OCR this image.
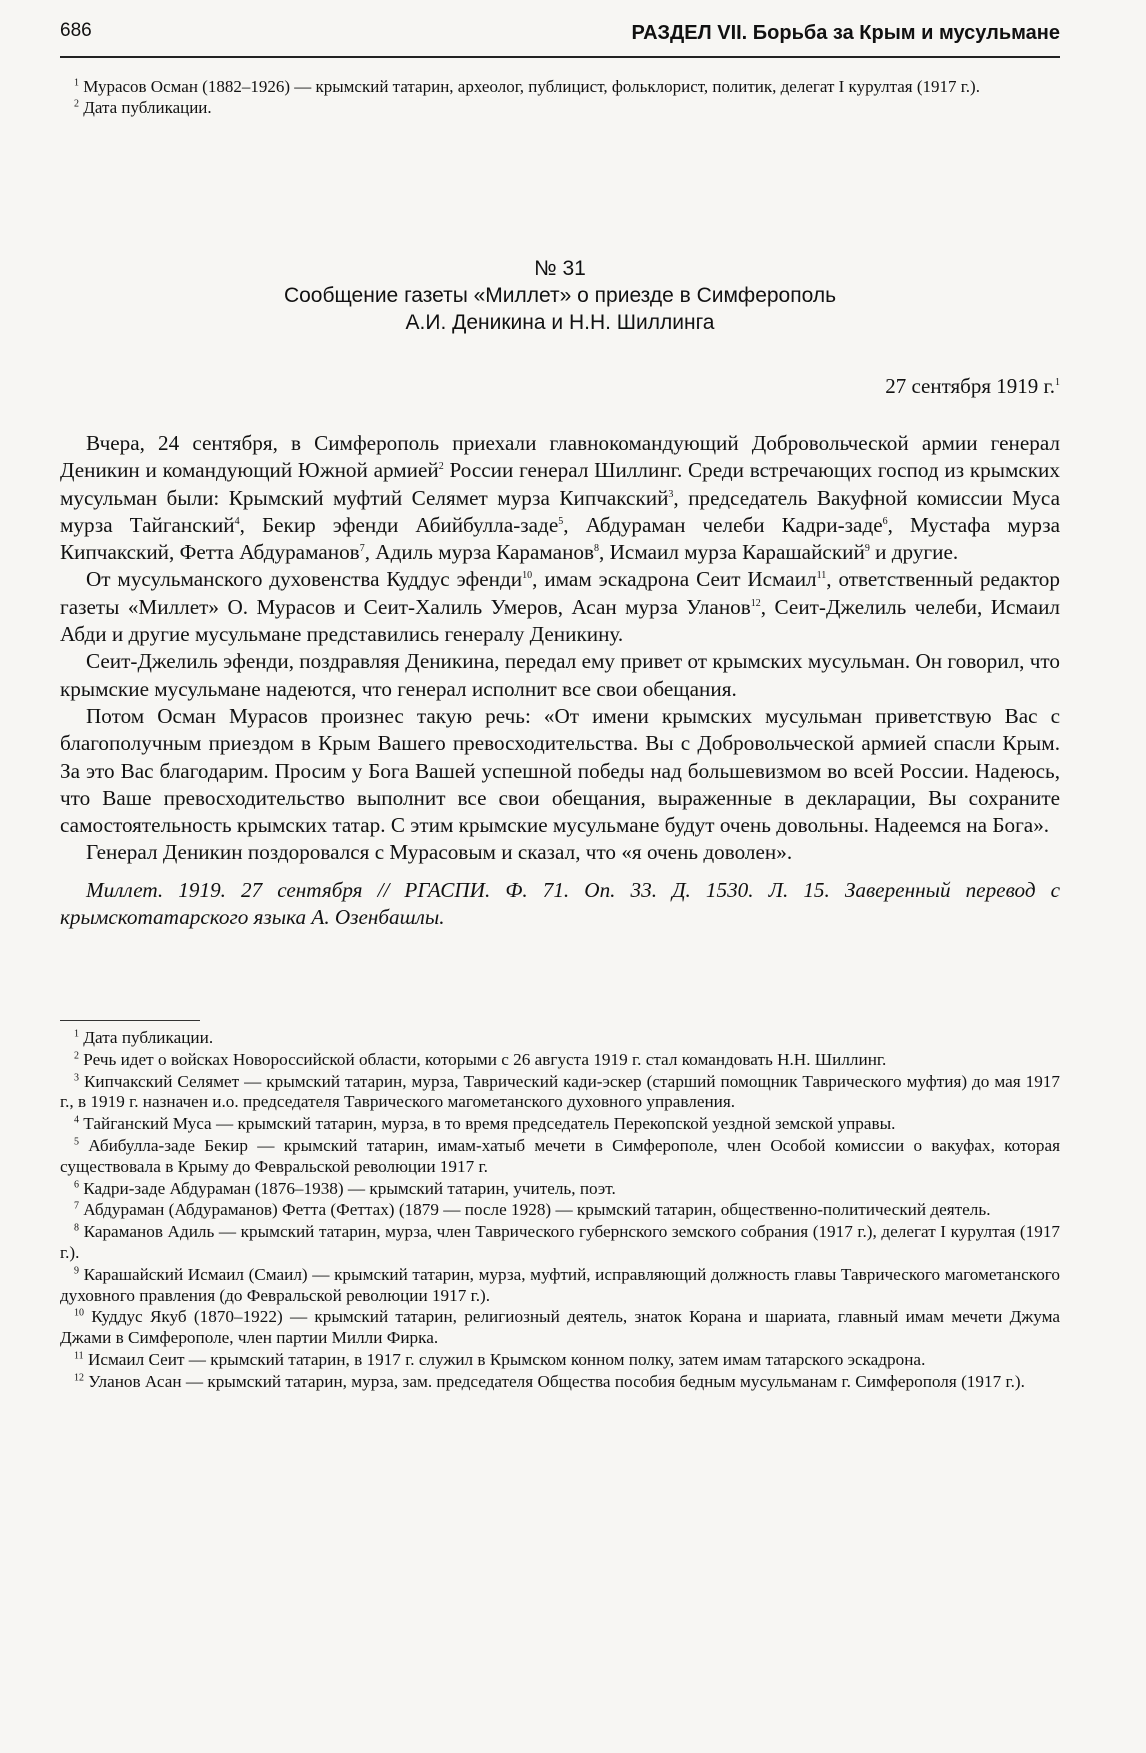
686	РАЗДЕЛ VII. Борьба за Крым и мусульмане

$^1$ Мурасов Осман (1882–1926) — крымский татарин, археолог, публицист, фольклорист, политик, делегат I курултая (1917 г.).

$^2$ Дата публикации.

№ 31
Сообщение газеты «Миллет» о приезде в Симферополь
А.И. Деникина и Н.Н. Шиллинга
27 сентября 1919 г.$^1$

Вчера, 24 сентября, в Симферополь приехали главнокомандующий Добровольческой армии генерал Деникин и командующий Южной армией$^2$ России генерал Шиллинг. Среди встречающих господ из крымских мусульман были: Крымский муфтий Селямет мурза Кипчакский$^3$, председатель Вакуфной комиссии Муса мурза Тайганский$^4$, Бекир эфенди Абийбулла-заде$^5$, Абдураман челеби Кадри-заде$^6$, Мустафа мурза Кипчакский, Фетта Абдураманов$^7$, Адиль мурза Караманов$^8$, Исмаил мурза Карашайский$^9$ и другие.

От мусульманского духовенства Куддус эфенди$^{10}$, имам эскадрона Сеит Исмаил$^{11}$, ответственный редактор газеты «Миллет» О. Мурасов и Сеит-Халиль Умеров, Асан мурза Уланов$^{12}$, Сеит-Джелиль челеби, Исмаил Абди и другие мусульмане представились генералу Деникину.

Сеит-Джелиль эфенди, поздравляя Деникина, передал ему привет от крымских мусульман. Он говорил, что крымские мусульмане надеются, что генерал исполнит все свои обещания.

Потом Осман Мурасов произнес такую речь: «От имени крымских мусульман приветствую Вас с благополучным приездом в Крым Вашего превосходительства. Вы с Добровольческой армией спасли Крым. За это Вас благодарим. Просим у Бога Вашей успешной победы над большевизмом во всей России. Надеюсь, что Ваше превосходительство выполнит все свои обещания, выраженные в декларации, Вы сохраните самостоятельность крымских татар. С этим крымские мусульмане будут очень довольны. Надеемся на Бога».

Генерал Деникин поздоровался с Мурасовым и сказал, что «я очень доволен».

Миллет. 1919. 27 сентября // РГАСПИ. Ф. 71. Оп. 33. Д. 1530. Л. 15. Заверенный перевод с крымскотатарского языка А. Озенбашлы.

$^1$ Дата публикации.

$^2$ Речь идет о войсках Новороссийской области, которыми с 26 августа 1919 г. стал командовать Н.Н. Шиллинг.

$^3$ Кипчакский Селямет — крымский татарин, мурза, Таврический кади-эскер (старший помощник Таврического муфтия) до мая 1917 г., в 1919 г. назначен и.о. председателя Таврического магометанского духовного управления.

$^4$ Тайганский Муса — крымский татарин, мурза, в то время председатель Перекопской уездной земской управы.

$^5$ Абибулла-заде Бекир — крымский татарин, имам-хатыб мечети в Симферополе, член Особой комиссии о вакуфах, которая существовала в Крыму до Февральской революции 1917 г.

$^6$ Кадри-заде Абдураман (1876–1938) — крымский татарин, учитель, поэт.

$^7$ Абдураман (Абдураманов) Фетта (Феттах) (1879 — после 1928) — крымский татарин, общественно-политический деятель.

$^8$ Караманов Адиль — крымский татарин, мурза, член Таврического губернского земского собрания (1917 г.), делегат I курултая (1917 г.).

$^9$ Карашайский Исмаил (Смаил) — крымский татарин, мурза, муфтий, исправляющий должность главы Таврического магометанского духовного правления (до Февральской революции 1917 г.).

$^{10}$ Куддус Якуб (1870–1922) — крымский татарин, религиозный деятель, знаток Корана и шариата, главный имам мечети Джума Джами в Симферополе, член партии Милли Фирка.

$^{11}$ Исмаил Сеит — крымский татарин, в 1917 г. служил в Крымском конном полку, затем имам татарского эскадрона.

$^{12}$ Уланов Асан — крымский татарин, мурза, зам. председателя Общества пособия бедным мусульманам г. Симферополя (1917 г.).
